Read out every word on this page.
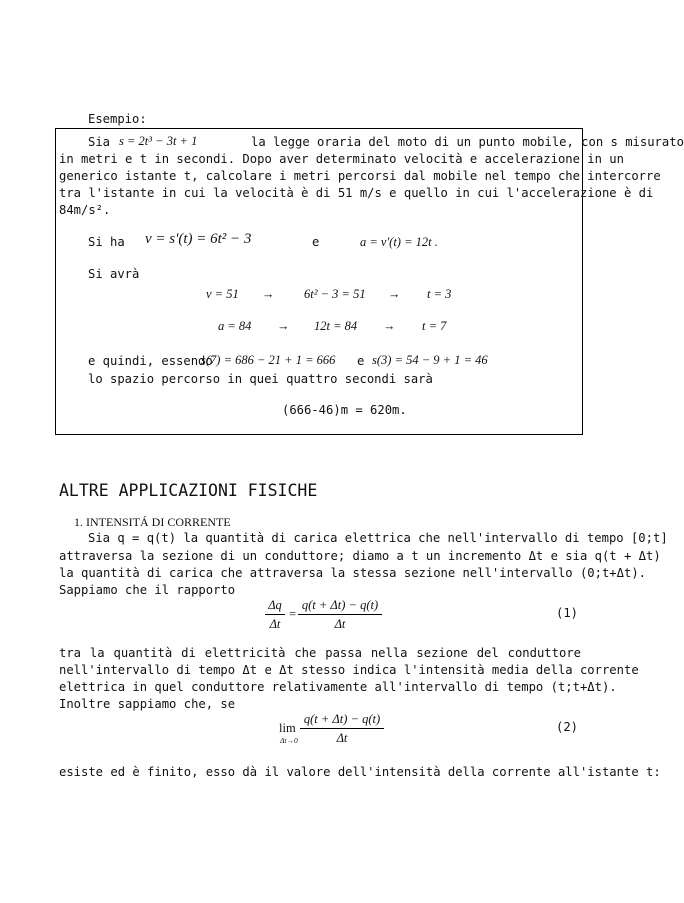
Esempio:
Sia s = 2t³ − 3t + 1	la legge oraria del moto di un punto mobile, con s misurato
in metri e t in secondi. Dopo aver determinato velocità e accelerazione in un
generico istante t, calcolare i metri percorsi dal mobile nel tempo che intercorre
tra l'istante in cui la velocità è di 51 m/s e quello in cui l'accelerazione è di
84m/s².
Si ha v = s'(t) = 6t² − 3	e	a = v'(t) = 12t .
Si avrà
v = 51 → 6t² − 3 = 51 → t = 3
a = 84 → 12t = 84 → t = 7
e quindi, essendo
s(7) = 686 − 21 + 1 = 666 e s(3) = 54 − 9 + 1 = 46
lo spazio percorso in quei quattro secondi sarà
(666-46)m = 620m.
ALTRE APPLICAZIONI FISICHE
1. INTENSITÁ DI CORRENTE
Sia q = q(t) la quantità di carica elettrica che nell'intervallo di tempo [0;t]
attraversa la sezione di un conduttore; diamo a t un incremento Δt e sia q(t + Δt)
la quantità di carica che attraversa la stessa sezione nell'intervallo (0;t+Δt).
Sappiamo che il rapporto
Δq
Δt
=
q(t + Δt) − q(t)
Δt
(1)
tra la quantità di elettricità che passa nella sezione del conduttore
nell'intervallo di tempo Δt e Δt stesso indica l'intensità media della corrente
elettrica in quel conduttore relativamente all'intervallo di tempo (t;t+Δt).
Inoltre sappiamo che, se
lim
Δt→0
q(t + Δt) − q(t)
Δt
(2)
esiste ed è finito, esso dà il valore dell'intensità della corrente all'istante t:
